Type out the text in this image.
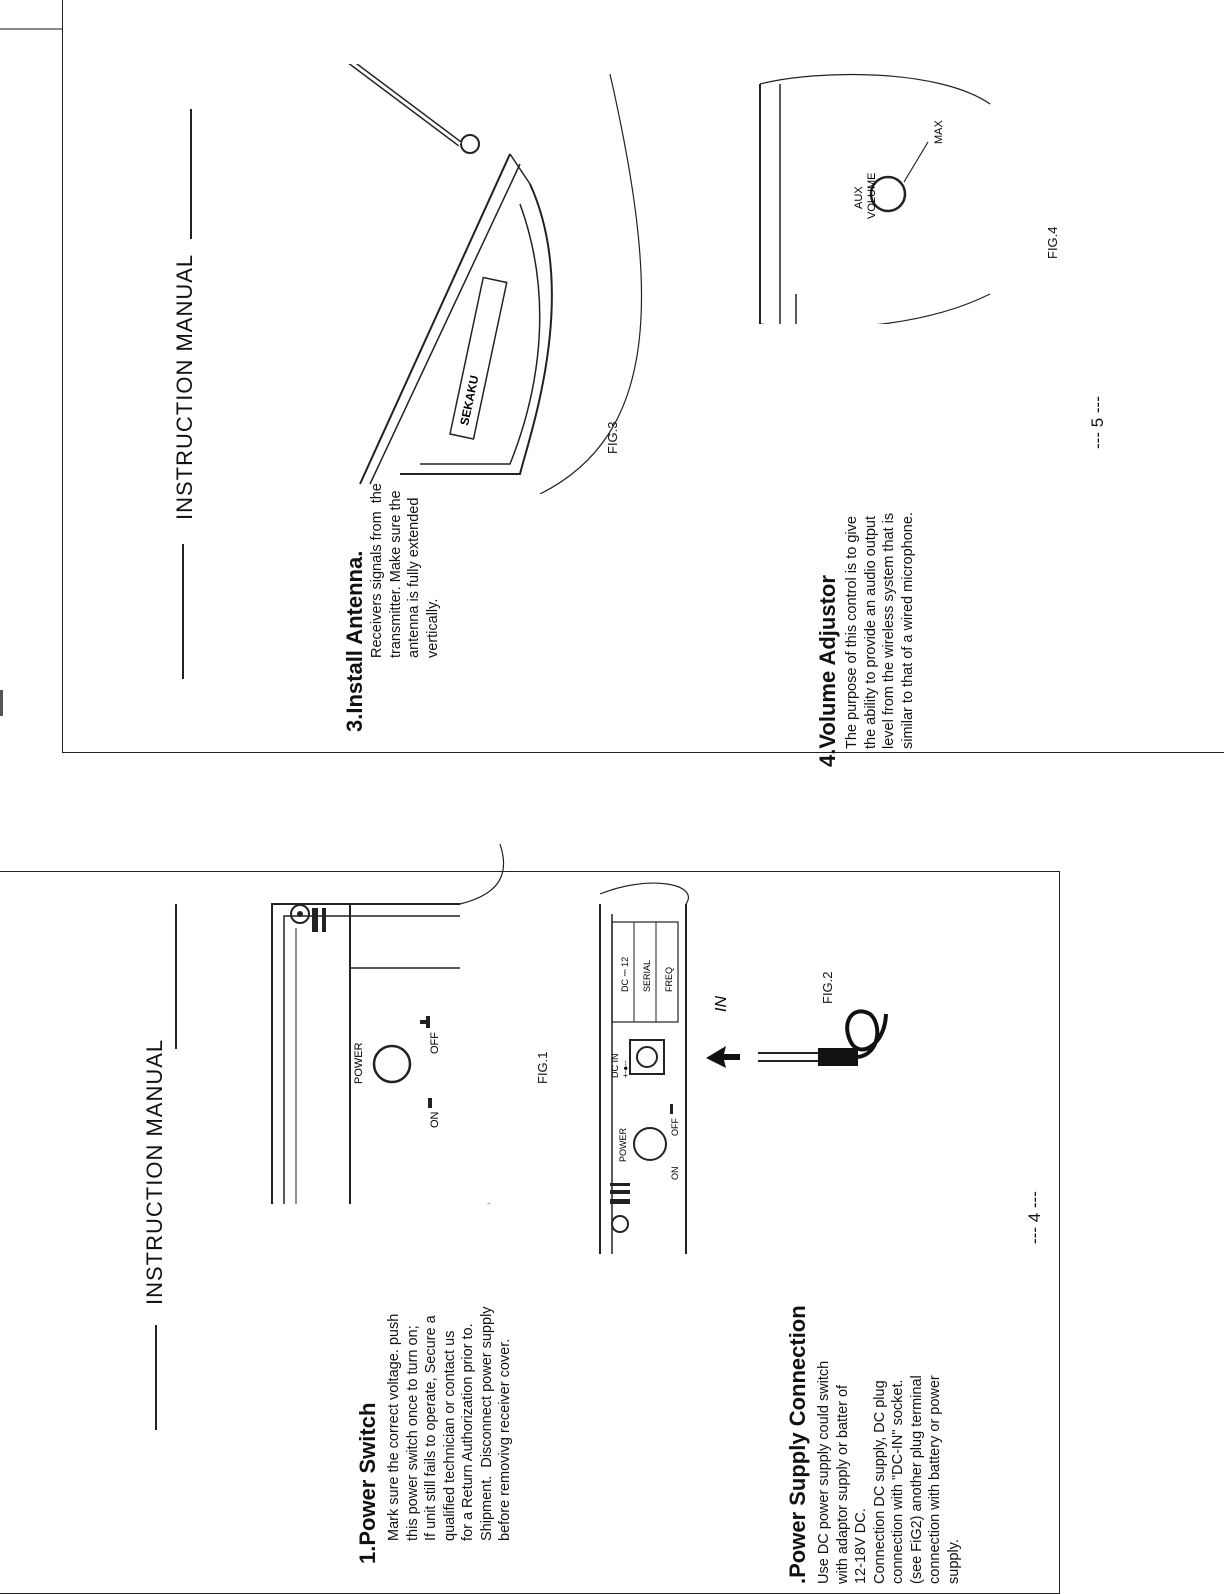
INSTRUCTION MANUAL
1.Power Switch Mark sure the correct voltage. push
this poweг switch once to turn on;
If unit still fails to operate, Secure a
qualified technician or contact us
for a Return Authorization prior to.
Shipment.  Disconnect power supply
before removivg receiver cover.	.Power Supply Connection Use DC power supply could switch
with adaptor supply or batter of
12-18V DC.
Connection DC supply, DC plug
connection with "DC-IN" socket.
(see FiG2) another plug terminal
connection with battery or power
supply.
POWER
ON
OFF
FIG.1
POWER
ON
OFF
DC IN +-●--
DC ⎓ 12 SERIAL FREQ
IN	FIG.2
--- 4 ---
INSTRUCTION MANUAL
3.Install Antenna. Receivers signals from  the
transmitter. Make sure the
antenna is fully extended
vertically.	4.Volume Adjustor The purpose of this control is to give
the ability to provide an audio output
level from the wireless system that is
similar to that of a wired microphone.
SEKAKU
FIG.3
AUX VOLUME
MAX
FIG.4
--- 5 ---
